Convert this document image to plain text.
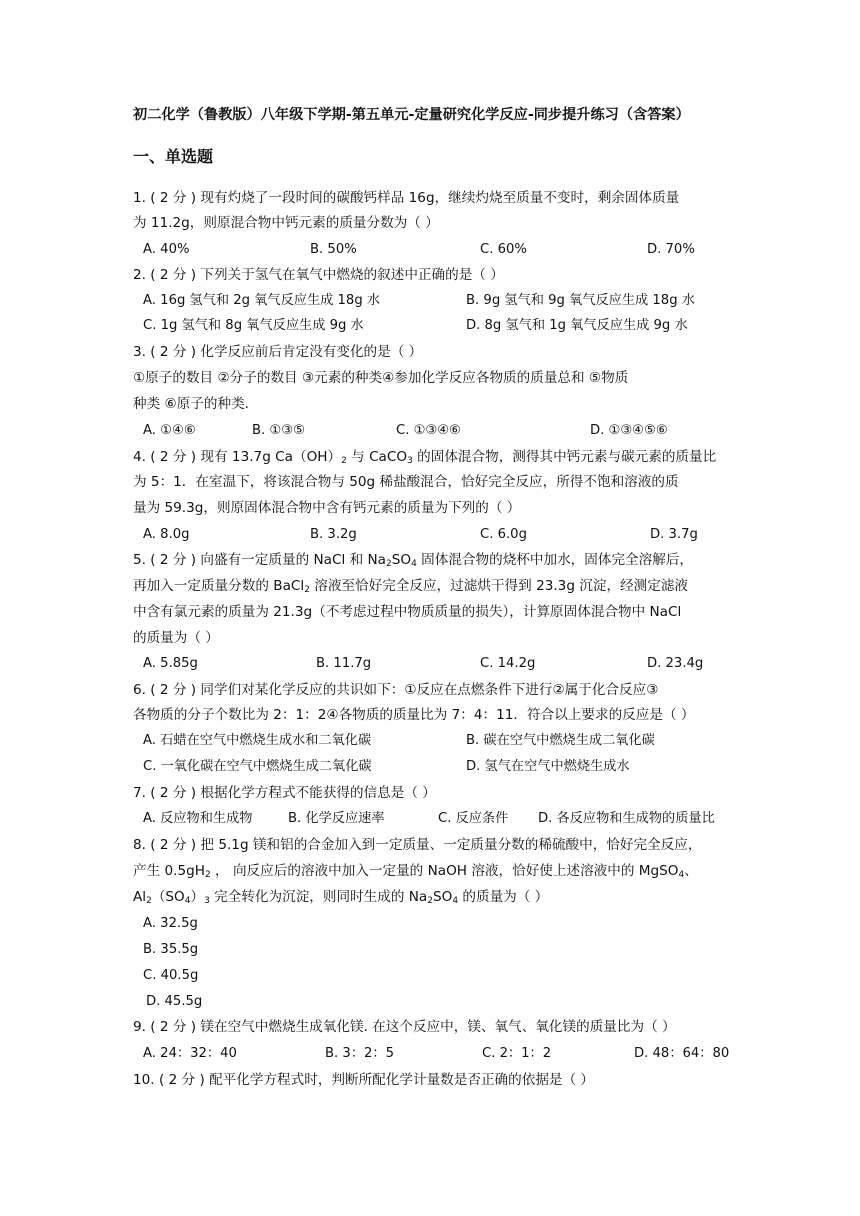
初二化学（鲁教版）八年级下学期-第五单元-定量研究化学反应-同步提升练习（含答案）
一、单选题
1. ( 2 分 ) 现有灼烧了一段时间的碳酸钙样品 16g，继续灼烧至质量不变时，剩余固体质量
为 11.2g，则原混合物中钙元素的质量分数为（ ）
A. 40%	B. 50%	C. 60%	D. 70%
2. ( 2 分 ) 下列关于氢气在氧气中燃烧的叙述中正确的是（ ）
A. 16g 氢气和 2g 氧气反应生成 18g 水	B. 9g 氢气和 9g 氧气反应生成 18g 水
C. 1g 氢气和 8g 氧气反应生成 9g 水	D. 8g 氢气和 1g 氧气反应生成 9g 水
3. ( 2 分 ) 化学反应前后肯定没有变化的是（ ）
①原子的数目 ②分子的数目 ③元素的种类④参加化学反应各物质的质量总和 ⑤物质
种类 ⑥原子的种类.
A. ①④⑥	B. ①③⑤	C. ①③④⑥	D. ①③④⑤⑥
4. ( 2 分 ) 现有 13.7g $Ca(OH)_2$ 与 CaCO$_3$ 的固体混合物，测得其中钙元素与碳元素的质量比
为 5：1．在室温下，将该混合物与 50g 稀盐酸混合，恰好完全反应，所得不饱和溶液的质
量为 59.3g，则原固体混合物中含有钙元素的质量为下列的（ ）
A. 8.0g	B. 3.2g	C. 6.0g	D. 3.7g
5. ( 2 分 ) 向盛有一定质量的 NaCl 和 $Na_2SO_4$ 固体混合物的烧杯中加水，固体完全溶解后，
再加入一定质量分数的 BaCl$_2$ 溶液至恰好完全反应，过滤烘干得到 23.3g 沉淀，经测定滤液
中含有氯元素的质量为 21.3g（不考虑过程中物质质量的损失），计算原固体混合物中 NaCl
的质量为（ ）
A. 5.85g	B. 11.7g	C. 14.2g	D. 23.4g
6. ( 2 分 ) 同学们对某化学反应的共识如下：①反应在点燃条件下进行②属于化合反应③
各物质的分子个数比为 2：1：2④各物质的质量比为 7：4：11．符合以上要求的反应是（ ）
A. 石蜡在空气中燃烧生成水和二氧化碳	B. 碳在空气中燃烧生成二氧化碳
C. 一氧化碳在空气中燃烧生成二氧化碳	D. 氢气在空气中燃烧生成水
7. ( 2 分 ) 根据化学方程式不能获得的信息是（ ）
A. 反应物和生成物	B. 化学反应速率	C. 反应条件 D. 各反应物和生成物的质量比
8. ( 2 分 ) 把 5.1g 镁和铝的合金加入到一定质量、一定质量分数的稀硫酸中，恰好完全反应，
产生 $0.5gH_2$ ， 向反应后的溶液中加入一定量的 NaOH 溶液，恰好使上述溶液中的 MgSO$_4$、
$Al_2(SO_4)_3$ 完全转化为沉淀，则同时生成的 $Na_2SO_4$ 的质量为（ ）
A. 32.5g
B. 35.5g
C. 40.5g
D. 45.5g
9. ( 2 分 ) 镁在空气中燃烧生成氧化镁. 在这个反应中，镁、氧气、氧化镁的质量比为（ ）
A. 24：32：40	B. 3：2：5	C. 2：1：2	D. 48：64：80
10. ( 2 分 ) 配平化学方程式时，判断所配化学计量数是否正确的依据是（ ）
